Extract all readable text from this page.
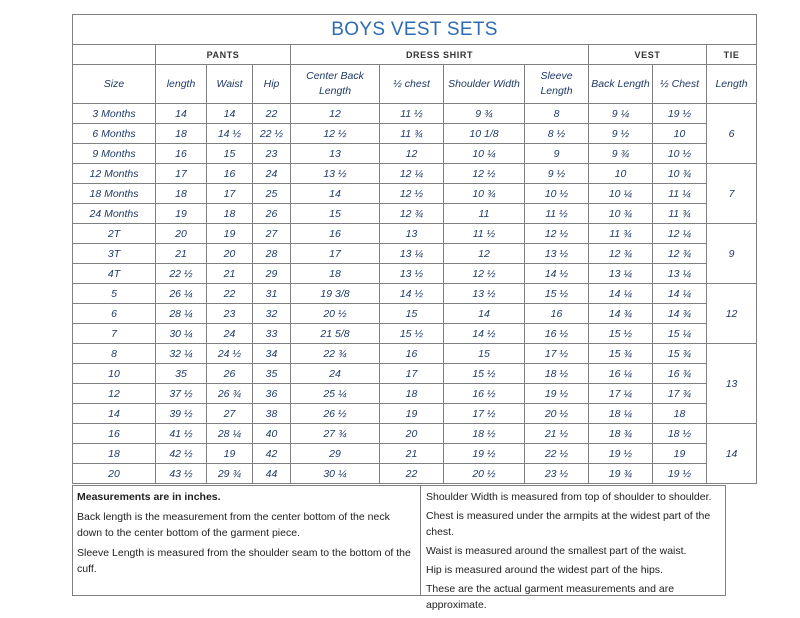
BOYS VEST SETS										
	PANTS			DRESS SHIRT				VEST		TIE
Size	length	Waist	Hip	Center Back Length	½ chest	Shoulder Width	Sleeve Length	Back Length	½ Chest	Length
3 Months	14	14	22	12	11 ½	9 ¾	8	9 ¼	19 ½	6
6 Months	18	14 ½	22 ½	12 ½	11 ¾	10 1/8	8 ½	9 ½	10	
9 Months	16	15	23	13	12	10 ¼	9	9 ¾	10 ½	
12 Months	17	16	24	13 ½	12 ¼	12 ½	9 ½	10	10 ¾	7
18 Months	18	17	25	14	12 ½	10 ¾	10 ½	10 ¼	11 ¼	
24 Months	19	18	26	15	12 ¾	11	11 ½	10 ¾	11 ¾	
2T	20	19	27	16	13	11 ½	12 ½	11 ¾	12 ¼	9
3T	21	20	28	17	13 ¼	12	13 ½	12 ¾	12 ¾	
4T	22 ½	21	29	18	13 ½	12 ½	14 ½	13 ¼	13 ¼	
5	26 ¼	22	31	19 3/8	14 ½	13 ½	15 ½	14 ¼	14 ¼	12
6	28 ¼	23	32	20 ½	15	14	16	14 ¾	14 ¾	
7	30 ¼	24	33	21 5/8	15 ½	14 ½	16 ½	15 ½	15 ¼	
8	32 ¼	24 ½	34	22 ¾	16	15	17 ½	15 ¾	15 ¾	13
10	35	26	35	24	17	15 ½	18 ½	16 ¼	16 ¾	
12	37 ½	26 ¾	36	25 ¼	18	16 ½	19 ½	17 ¼	17 ¾	
14	39 ½	27	38	26 ½	19	17 ½	20 ½	18 ¼	18	
16	41 ½	28 ¼	40	27 ¾	20	18 ½	21 ½	18 ¾	18 ½	14
18	42 ½	19	42	29	21	19 ½	22 ½	19 ½	19	
20	43 ½	29 ¾	44	30 ¼	22	20 ½	23 ½	19 ¾	19 ½	

Measurements are in inches.

Back length is the measurement from the center bottom of the neck down to the center bottom of the garment piece.

Sleeve Length is measured from the shoulder seam to the bottom of the cuff.

Shoulder Width is measured from top of shoulder to shoulder.

Chest is measured under the armpits at the widest part of the chest.

Waist is measured around the smallest part of the waist.

Hip is measured around the widest part of the hips.

These are the actual garment measurements and are approximate.
